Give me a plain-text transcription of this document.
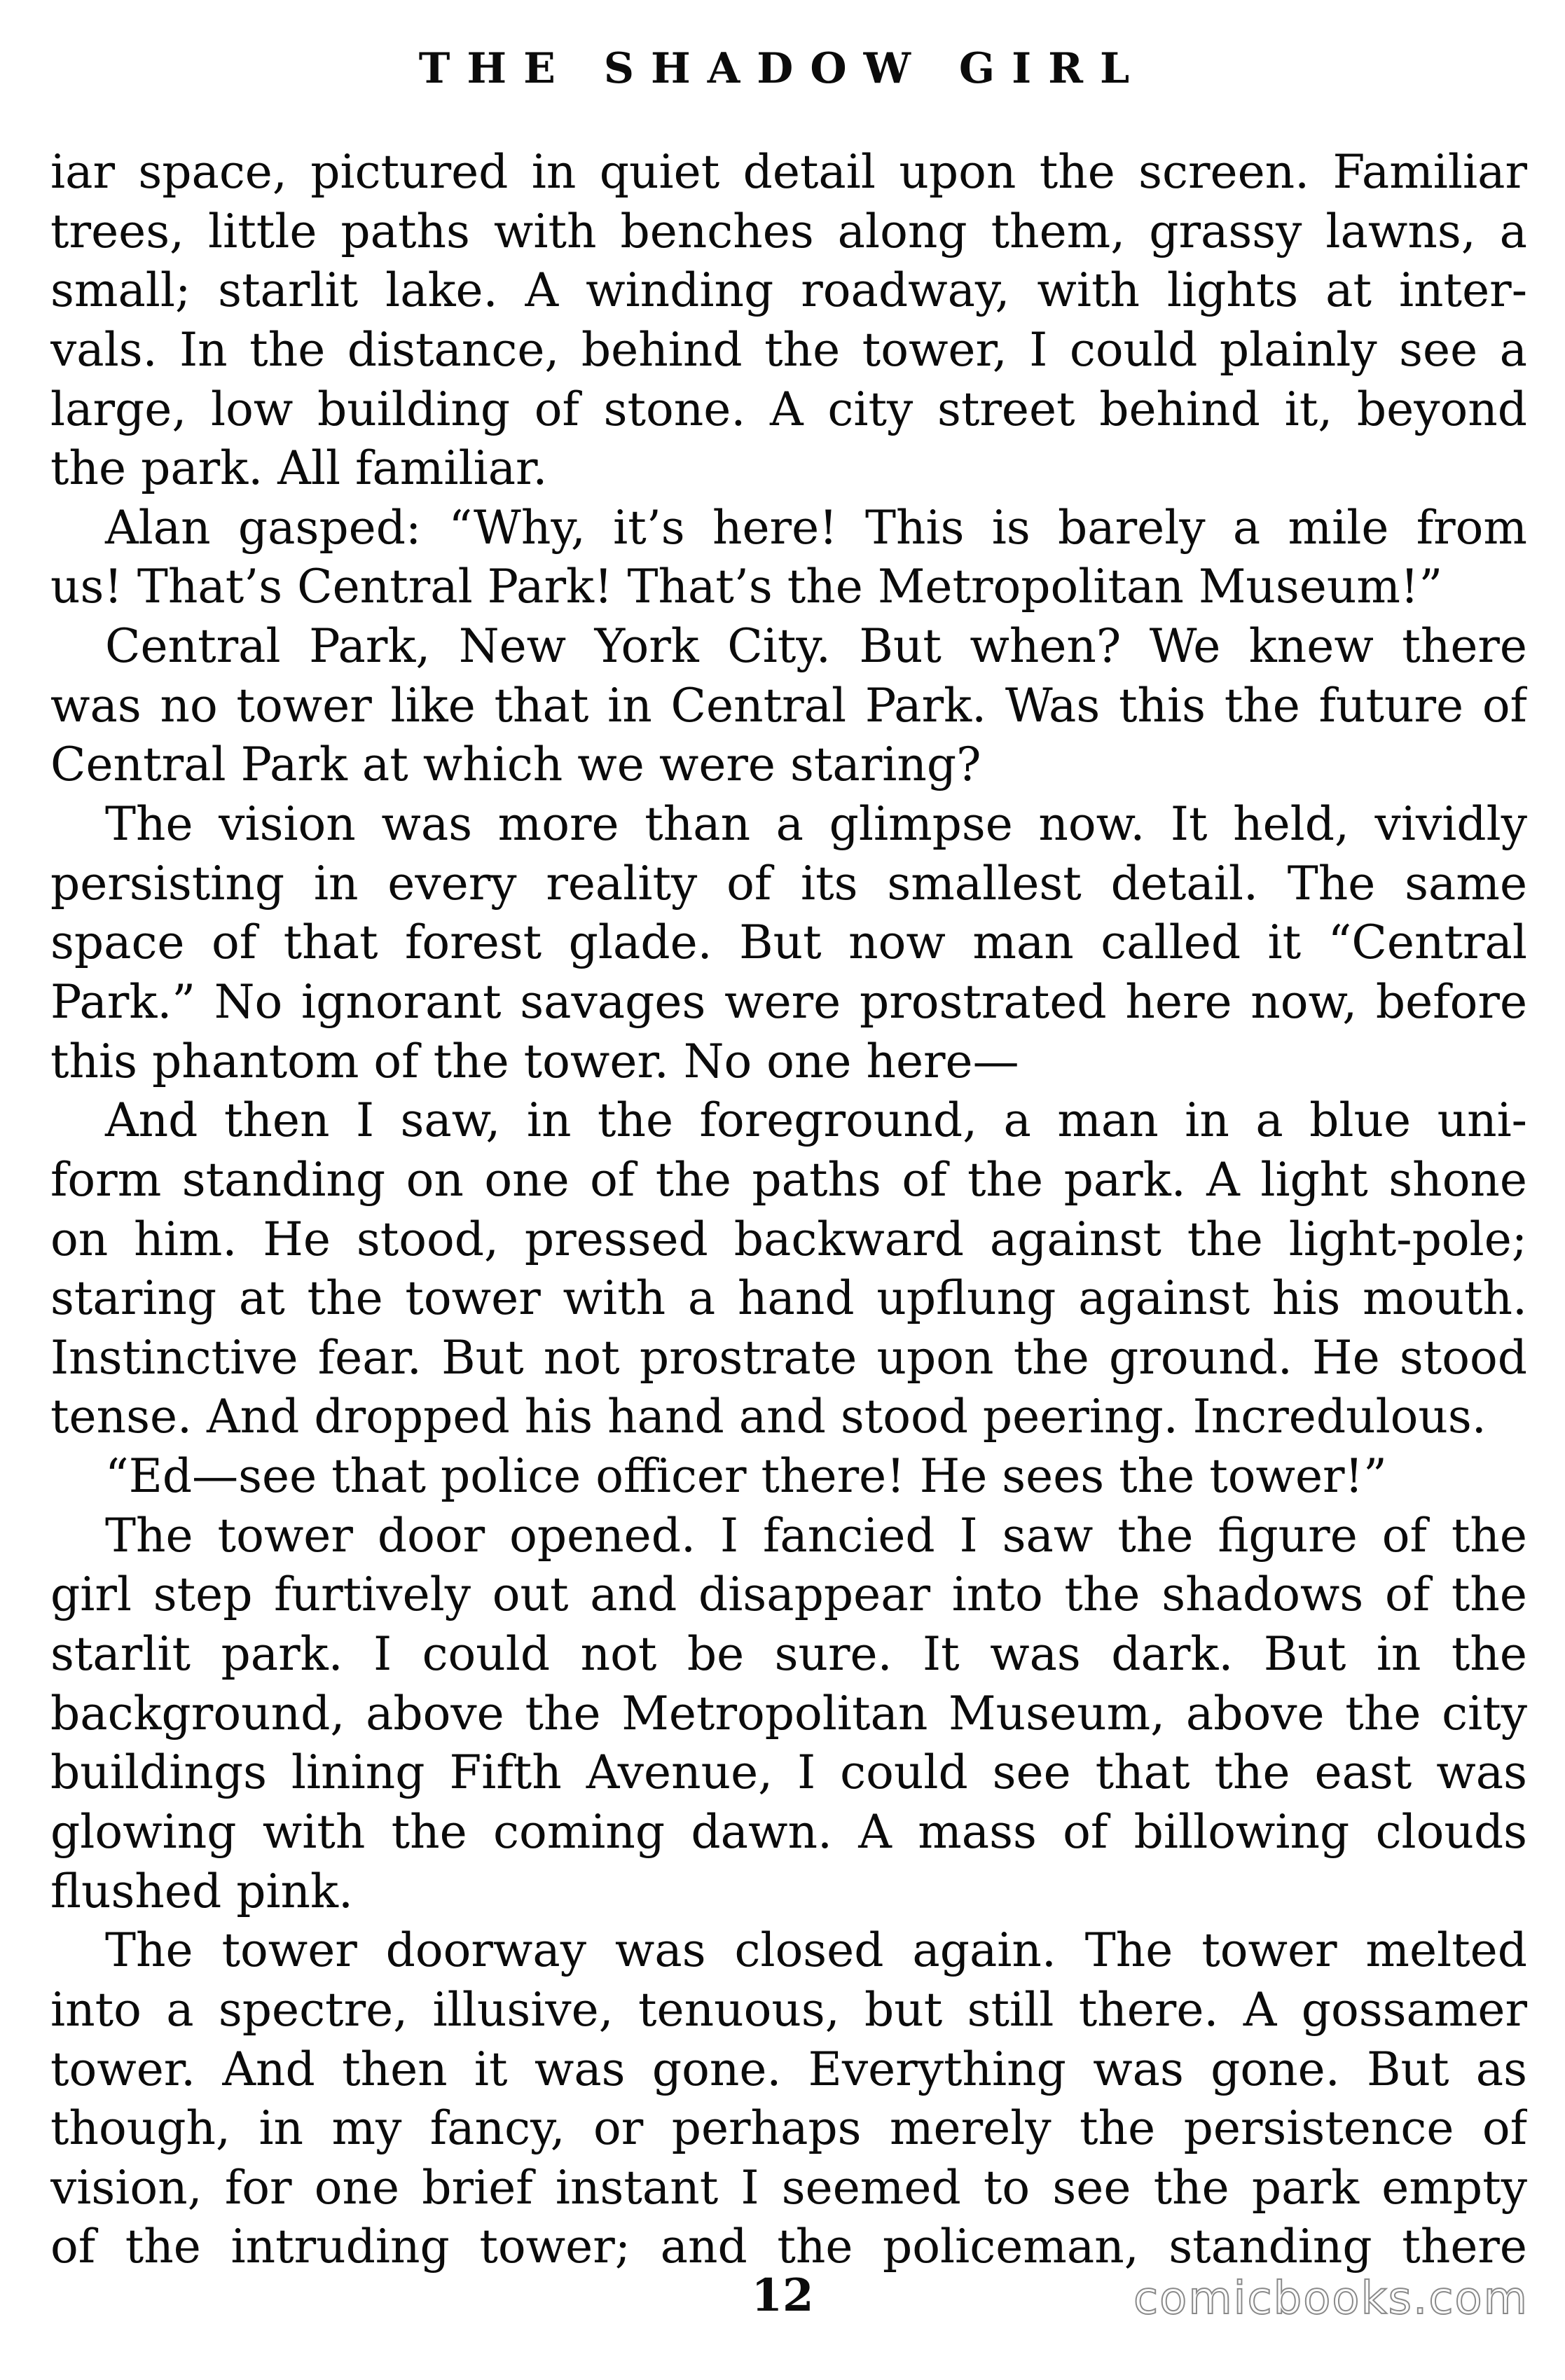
THE SHADOW GIRL
iar space, pictured in quiet detail upon the screen. Familiar
trees, little paths with benches along them, grassy lawns, a
small; starlit lake. A winding roadway, with lights at inter-
vals. In the distance, behind the tower, I could plainly see a
large, low building of stone. A city street behind it, beyond
the park. All familiar.
Alan gasped: “Why, it’s here! This is barely a mile from
us! That’s Central Park! That’s the Metropolitan Museum!”
Central Park, New York City. But when? We knew there
was no tower like that in Central Park. Was this the future of
Central Park at which we were staring?
The vision was more than a glimpse now. It held, vividly
persisting in every reality of its smallest detail. The same
space of that forest glade. But now man called it “Central
Park.” No ignorant savages were prostrated here now, before
this phantom of the tower. No one here—
And then I saw, in the foreground, a man in a blue uni-
form standing on one of the paths of the park. A light shone
on him. He stood, pressed backward against the light-pole;
staring at the tower with a hand upflung against his mouth.
Instinctive fear. But not prostrate upon the ground. He stood
tense. And dropped his hand and stood peering. Incredulous.
“Ed—see that police officer there! He sees the tower!”
The tower door opened. I fancied I saw the figure of the
girl step furtively out and disappear into the shadows of the
starlit park. I could not be sure. It was dark. But in the
background, above the Metropolitan Museum, above the city
buildings lining Fifth Avenue, I could see that the east was
glowing with the coming dawn. A mass of billowing clouds
flushed pink.
The tower doorway was closed again. The tower melted
into a spectre, illusive, tenuous, but still there. A gossamer
tower. And then it was gone. Everything was gone. But as
though, in my fancy, or perhaps merely the persistence of
vision, for one brief instant I seemed to see the park empty
of the intruding tower; and the policeman, standing there
12	comicbooks.com
